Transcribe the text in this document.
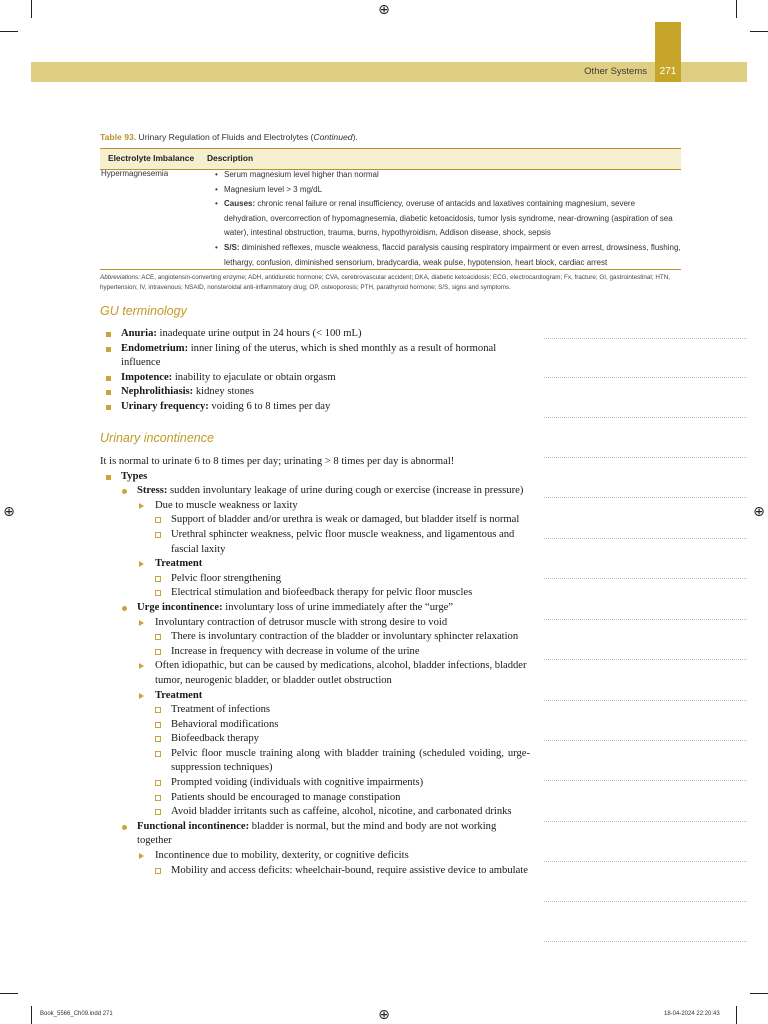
⊕
⊕	⊕
⊕
Other Systems	271
Table 93. Urinary Regulation of Fluids and Electrolytes (Continued).
Electrolyte Imbalance Description
Hypermagnesemia
•	Serum magnesium level higher than normal
• Magnesium level > 3 mg/dL
• Causes: chronic renal failure or renal insufficiency, overuse of antacids and laxatives containing magnesium, severe dehydration, overcorrection of hypomagnesemia, diabetic ketoacidosis, tumor lysis syndrome, near-drowning (aspiration of sea water), intestinal obstruction, trauma, burns, hypothyroidism, Addison disease, shock, sepsis
• S/S: diminished reflexes, muscle weakness, flaccid paralysis causing respiratory impairment or even arrest, drowsiness, flushing, lethargy, confusion, diminished sensorium, bradycardia, weak pulse, hypotension, heart block, cardiac arrest
Abbreviations: ACE, angiotensin-converting enzyme; ADH, antidiuretic hormone; CVA, cerebrovascular accident; DKA, diabetic ketoacidosis; ECG, electrocardiogram; Fx, fracture; GI, gastrointestinal; HTN, hypertension; IV, intravenous; NSAID, nonsteroidal anti-inflammatory drug; OP, osteoporosis; PTH, parathyroid hormone; S/S, signs and symptoms.
GU terminology
Anuria: inadequate urine output in 24 hours (< 100 mL)
Endometrium: inner lining of the uterus, which is shed monthly as a result of hormonal influence
Impotence: inability to ejaculate or obtain orgasm
Nephrolithiasis: kidney stones
Urinary frequency: voiding 6 to 8 times per day
Urinary incontinence
It is normal to urinate 6 to 8 times per day; urinating > 8 times per day is abnormal!
Types
Stress: sudden involuntary leakage of urine during cough or exercise (increase in pressure)
Due to muscle weakness or laxity
Support of bladder and/or urethra is weak or damaged, but bladder itself is normal
Urethral sphincter weakness, pelvic floor muscle weakness, and ligamentous and fascial laxity
Treatment
Pelvic floor strengthening
Electrical stimulation and biofeedback therapy for pelvic floor muscles
Urge incontinence: involuntary loss of urine immediately after the “urge”
Involuntary contraction of detrusor muscle with strong desire to void
There is involuntary contraction of the bladder or involuntary sphincter relaxation
Increase in frequency with decrease in volume of the urine
Often idiopathic, but can be caused by medications, alcohol, bladder infections, bladder tumor, neurogenic bladder, or bladder outlet obstruction
Treatment
Treatment of infections
Behavioral modifications
Biofeedback therapy
Pelvic floor muscle training along with bladder training (scheduled voiding, urge-suppression techniques)
Prompted voiding (individuals with cognitive impairments)
Patients should be encouraged to manage constipation
Avoid bladder irritants such as caffeine, alcohol, nicotine, and carbonated drinks
Functional incontinence: bladder is normal, but the mind and body are not working together
Incontinence due to mobility, dexterity, or cognitive deficits
Mobility and access deficits: wheelchair-bound, require assistive device to ambulate
Book_5566_Ch09.indd 271	18-04-2024 22:20:43
